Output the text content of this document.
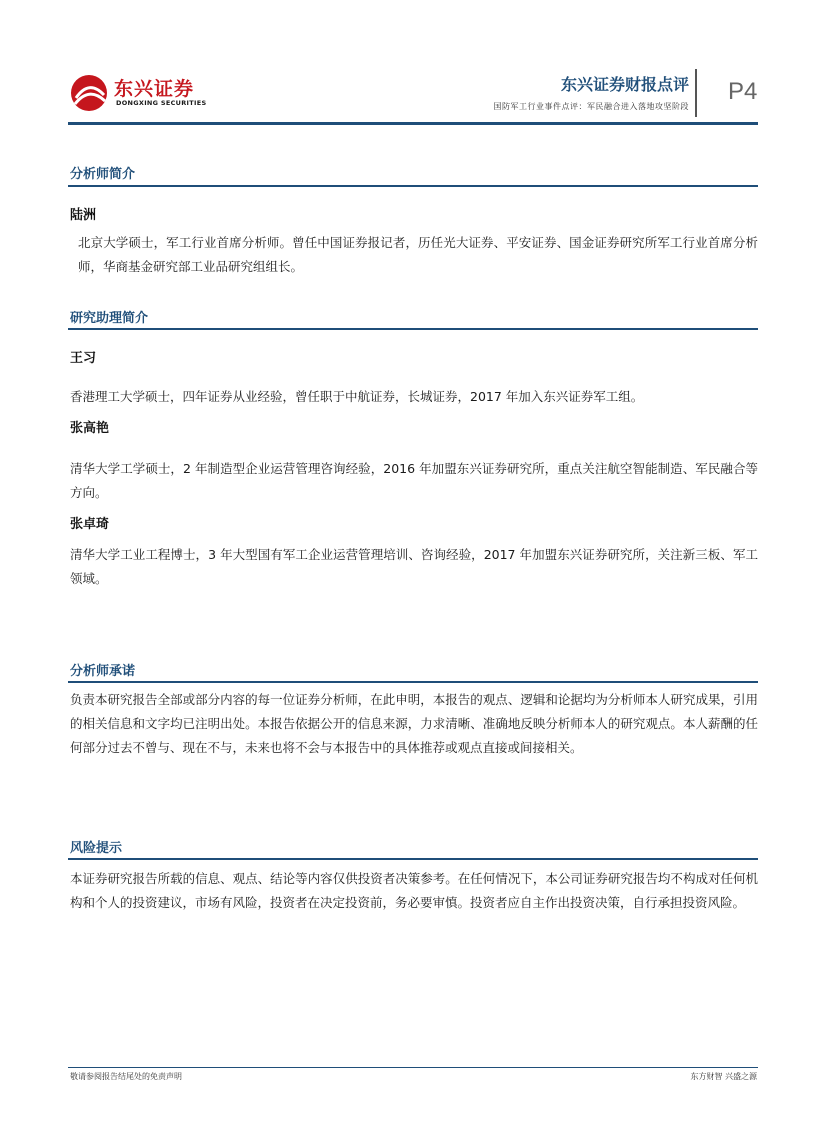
东兴证券
DONGXING SECURITIES
东兴证券财报点评
国防军工行业事件点评：军民融合进入落地攻坚阶段
P4
分析师简介
陆洲
北京大学硕士，军工行业首席分析师。曾任中国证券报记者，历任光大证券、平安证券、国金证券研究所军工行业首席分析师，华商基金研究部工业品研究组组长。
研究助理简介
王习
香港理工大学硕士，四年证券从业经验，曾任职于中航证券，长城证券，2017 年加入东兴证券军工组。
张高艳
清华大学工学硕士，2 年制造型企业运营管理咨询经验，2016 年加盟东兴证券研究所，重点关注航空智能制造、军民融合等方向。
张卓琦
清华大学工业工程博士，3 年大型国有军工企业运营管理培训、咨询经验，2017 年加盟东兴证券研究所，关注新三板、军工领域。
分析师承诺
负责本研究报告全部或部分内容的每一位证券分析师，在此申明，本报告的观点、逻辑和论据均为分析师本人研究成果，引用的相关信息和文字均已注明出处。本报告依据公开的信息来源，力求清晰、准确地反映分析师本人的研究观点。本人薪酬的任何部分过去不曾与、现在不与，未来也将不会与本报告中的具体推荐或观点直接或间接相关。
风险提示
本证券研究报告所载的信息、观点、结论等内容仅供投资者决策参考。在任何情况下，本公司证券研究报告均不构成对任何机构和个人的投资建议，市场有风险，投资者在决定投资前，务必要审慎。投资者应自主作出投资决策，自行承担投资风险。
敬请参阅报告结尾处的免责声明	东方财智 兴盛之源
